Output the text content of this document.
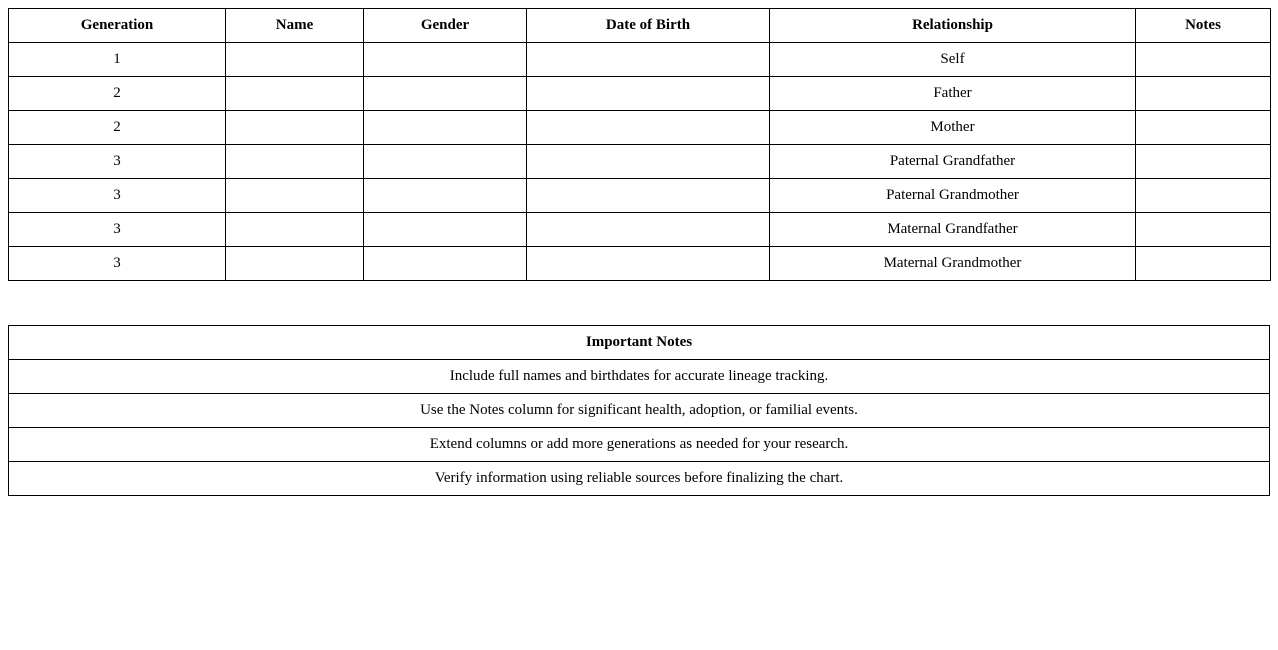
Generation	Name	Gender	Date of Birth	Relationship	Notes
1				Self	
2				Father	
2				Mother	
3				Paternal Grandfather	
3				Paternal Grandmother	
3				Maternal Grandfather	
3				Maternal Grandmother	
Important Notes
Include full names and birthdates for accurate lineage tracking.
Use the Notes column for significant health, adoption, or familial events.
Extend columns or add more generations as needed for your research.
Verify information using reliable sources before finalizing the chart.
